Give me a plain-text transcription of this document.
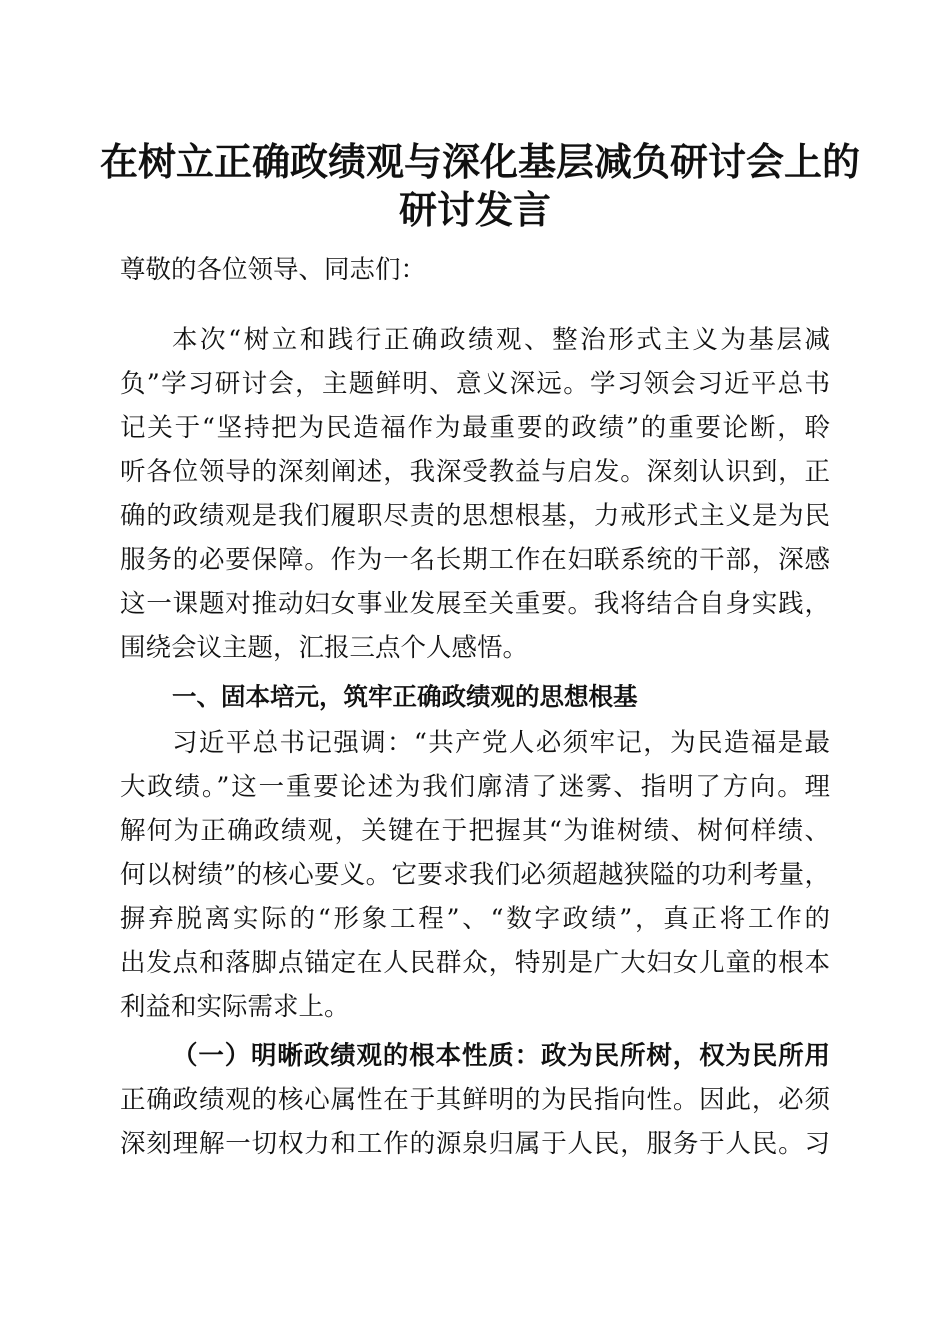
在树立正确政绩观与深化基层减负研讨会上的
研讨发言

尊敬的各位领导、同志们：

本次“树立和践行正确政绩观、整治形式主义为基层减

负”学习研讨会，主题鲜明、意义深远。学习领会习近平总书

记关于“坚持把为民造福作为最重要的政绩”的重要论断，聆

听各位领导的深刻阐述，我深受教益与启发。深刻认识到，正

确的政绩观是我们履职尽责的思想根基，力戒形式主义是为民

服务的必要保障。作为一名长期工作在妇联系统的干部，深感

这一课题对推动妇女事业发展至关重要。我将结合自身实践，

围绕会议主题，汇报三点个人感悟。

一、固本培元，筑牢正确政绩观的思想根基

习近平总书记强调：“共产党人必须牢记，为民造福是最

大政绩。”这一重要论述为我们廓清了迷雾、指明了方向。理

解何为正确政绩观，关键在于把握其“为谁树绩、树何样绩、

何以树绩”的核心要义。它要求我们必须超越狭隘的功利考量，

摒弃脱离实际的“形象工程”、“数字政绩”，真正将工作的

出发点和落脚点锚定在人民群众，特别是广大妇女儿童的根本

利益和实际需求上。

（一）明晰政绩观的根本性质：政为民所树，权为民所用

正确政绩观的核心属性在于其鲜明的为民指向性。因此，必须

深刻理解一切权力和工作的源泉归属于人民，服务于人民。习
